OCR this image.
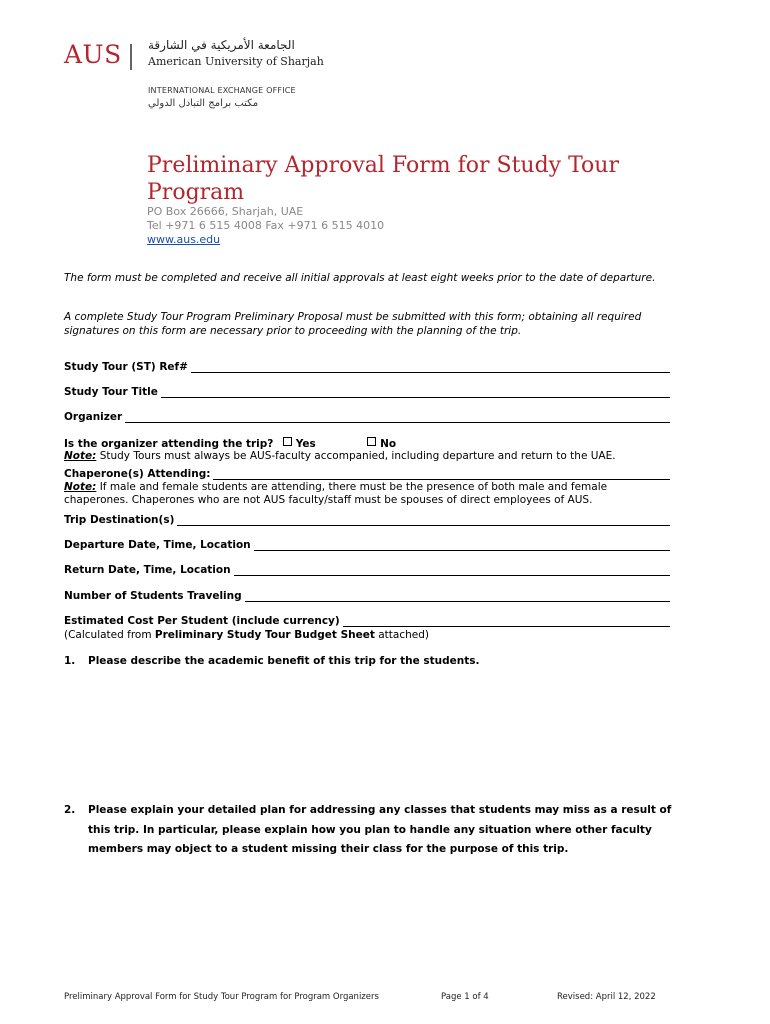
AUS الجامعة الأمريكية في الشارقة
American University of Sharjah
INTERNATIONAL EXCHANGE OFFICE
مكتب برامج التبادل الدولي
Preliminary Approval Form for Study Tour Program
PO Box 26666, Sharjah, UAE
Tel +971 6 515 4008 Fax +971 6 515 4010
www.aus.edu
The form must be completed and receive all initial approvals at least eight weeks prior to the date of departure.
A complete Study Tour Program Preliminary Proposal must be submitted with this form; obtaining all required signatures on this form are necessary prior to proceeding with the planning of the trip.
Study Tour (ST) Ref#
Study Tour Title
Organizer
Is the organizer attending the trip? Yes	No
Note: Study Tours must always be AUS-faculty accompanied, including departure and return to the UAE.
Chaperone(s) Attending:
Note: If male and female students are attending, there must be the presence of both male and female chaperones. Chaperones who are not AUS faculty/staff must be spouses of direct employees of AUS.
Trip Destination(s)
Departure Date, Time, Location
Return Date, Time, Location
Number of Students Traveling
Estimated Cost Per Student (include currency)
(Calculated from Preliminary Study Tour Budget Sheet attached)
1.	Please describe the academic benefit of this trip for the students.
2.	Please explain your detailed plan for addressing any classes that students may miss as a result of this trip. In particular, please explain how you plan to handle any situation where other faculty members may object to a student missing their class for the purpose of this trip.
Preliminary Approval Form for Study Tour Program for Program Organizers	Page 1 of 4	Revised: April 12, 2022
